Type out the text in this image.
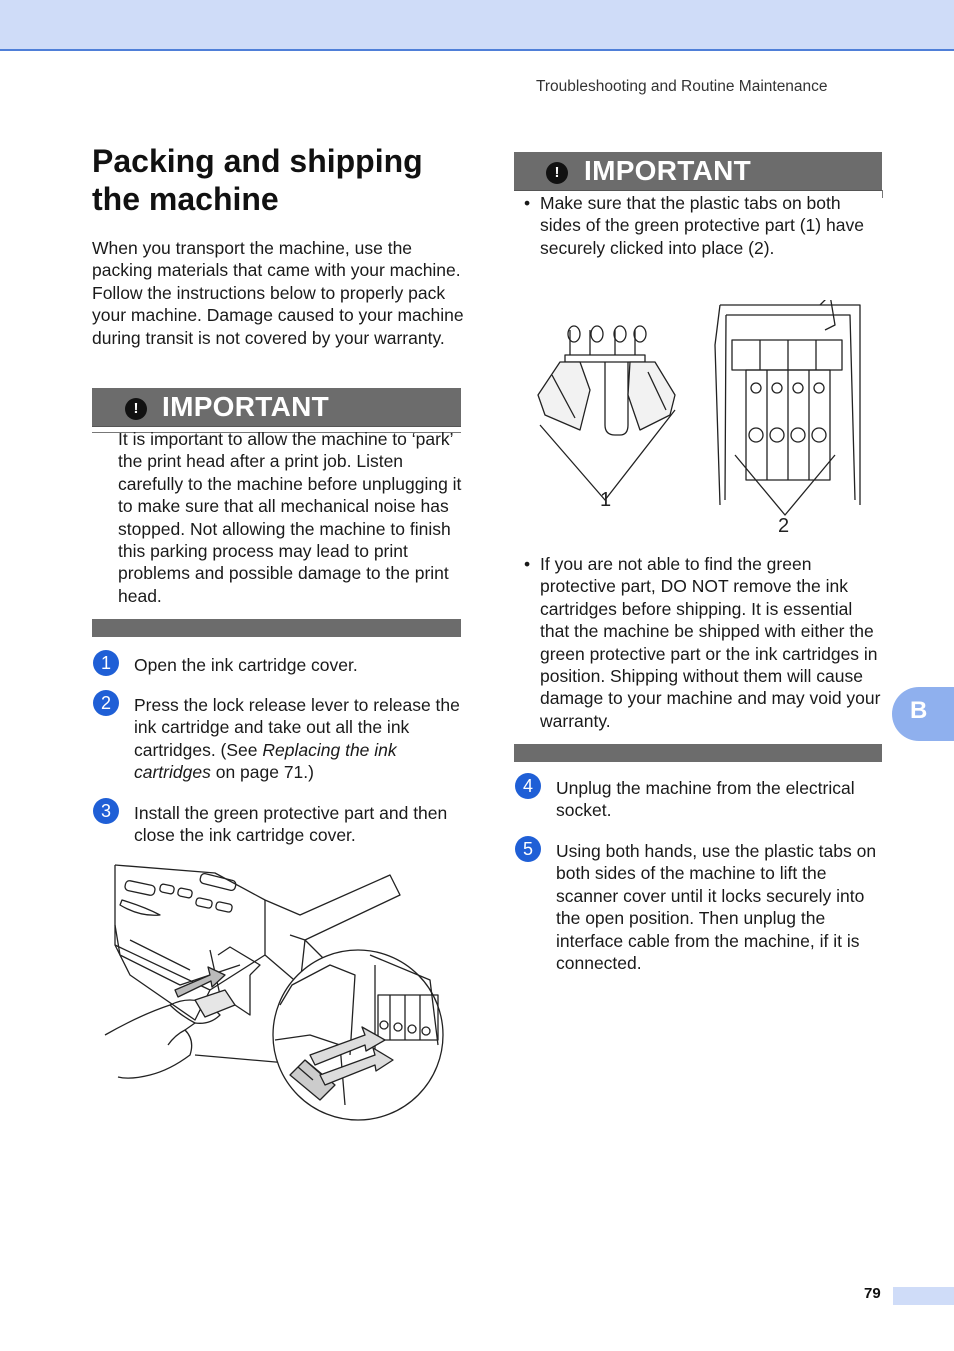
Troubleshooting and Routine Maintenance
Packing and shipping
the machine

When you transport the machine, use the packing materials that came with your machine. Follow the instructions below to properly pack your machine. Damage caused to your machine during transit is not covered by your warranty.

! IMPORTANT

It is important to allow the machine to ‘park’ the print head after a print job. Listen carefully to the machine before unplugging it to make sure that all mechanical noise has stopped. Not allowing the machine to finish this parking process may lead to print problems and possible damage to the print head.

1	Open the ink cartridge cover.

2	Press the lock release lever to release the ink cartridge and take out all the ink cartridges. (See Replacing the ink cartridges on page 71.)

3	Install the green protective part and then close the ink cartridge cover.

! IMPORTANT
• Make sure that the plastic tabs on both sides of the green protective part (1) have securely clicked into place (2).

1
2
• If you are not able to find the green protective part, DO NOT remove the ink cartridges before shipping. It is essential that the machine be shipped with either the green protective part or the ink cartridges in position. Shipping without them will cause damage to your machine and may void your warranty.

4	Unplug the machine from the electrical socket.

5	Using both hands, use the plastic tabs on both sides of the machine to lift the scanner cover until it locks securely into the open position. Then unplug the interface cable from the machine, if it is connected.

B
79
